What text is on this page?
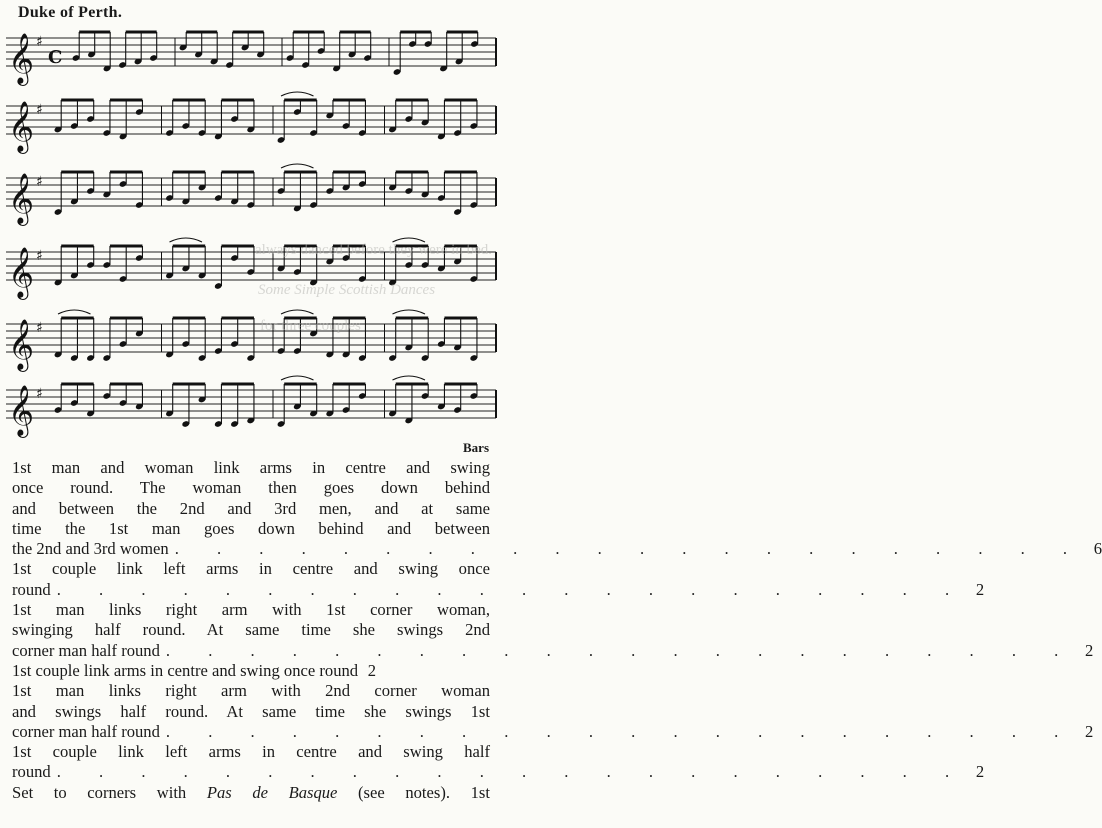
Duke of Perth.
𝄞 ♯
C
𝄞 ♯
𝄞 ♯
𝄞 ♯
𝄞 ♯
𝄞 ♯
Some Simple Scottish Dances
always danced before they were in bed.
for three couples
Bars
1st man and woman link arms in centre and swing
once round. The woman then goes down behind
and between the 2nd and 3rd men, and at same
time the 1st man goes down behind and between
the 2nd and 3rd women . . . . . . . . . . . . . . . . . . . . . . 6
1st couple link left arms in centre and swing once
round . . . . . . . . . . . . . . . . . . . . . . 2
1st man links right arm with 1st corner woman,
swinging half round. At same time she swings 2nd
corner man half round . . . . . . . . . . . . . . . . . . . . . . 2
1st couple link arms in centre and swing once round 2
1st man links right arm with 2nd corner woman
and swings half round. At same time she swings 1st
corner man half round . . . . . . . . . . . . . . . . . . . . . . 2
1st couple link left arms in centre and swing half
round . . . . . . . . . . . . . . . . . . . . . . 2
Set to corners with Pas de Basque (see notes). 1st
